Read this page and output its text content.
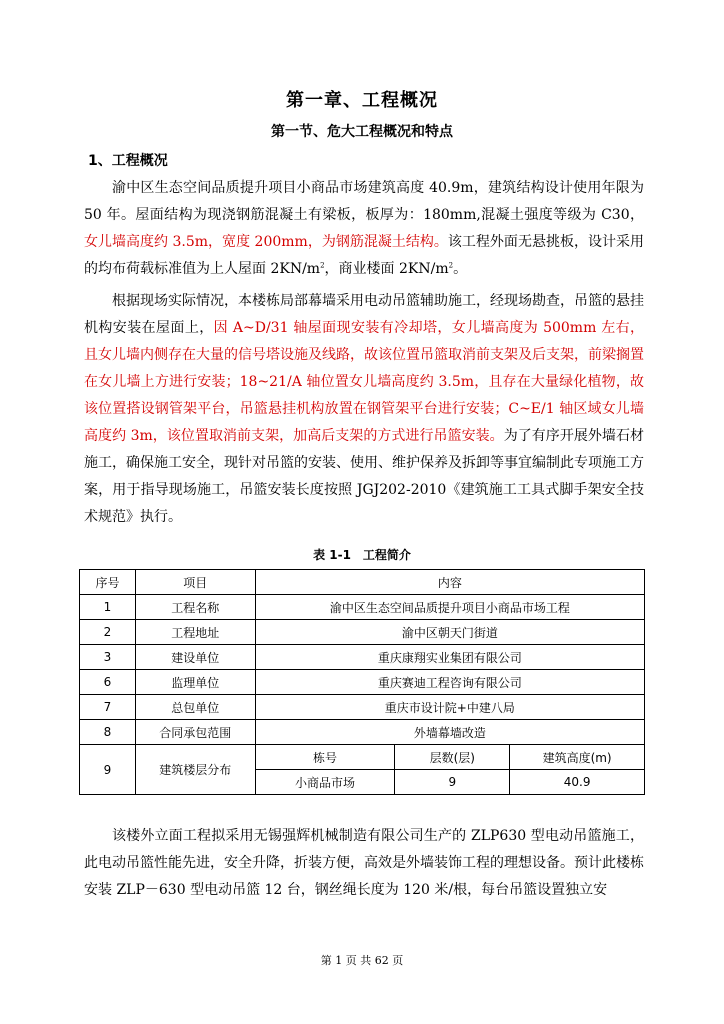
第一章、工程概况
第一节、危大工程概况和特点
1、工程概况

渝中区生态空间品质提升项目小商品市场建筑高度 40.9m，建筑结构设计使用年限为 50 年。屋面结构为现浇钢筋混凝土有梁板，板厚为：180mm,混凝土强度等级为 C30，女儿墙高度约 3.5m，宽度 200mm，为钢筋混凝土结构。该工程外面无悬挑板，设计采用的均布荷载标准值为上人屋面 $2KN/m^2$，商业楼面 $2KN/m^2$。

根据现场实际情况，本楼栋局部幕墙采用电动吊篮辅助施工，经现场勘查，吊篮的悬挂机构安装在屋面上，因 A~D/31 轴屋面现安装有冷却塔，女儿墙高度为 500mm 左右，且女儿墙内侧存在大量的信号塔设施及线路，故该位置吊篮取消前支架及后支架，前梁搁置在女儿墙上方进行安装；18~21/A 轴位置女儿墙高度约 3.5m，且存在大量绿化植物，故该位置搭设钢管架平台，吊篮悬挂机构放置在钢管架平台进行安装；C~E/1 轴区域女儿墙高度约 3m，该位置取消前支架，加高后支架的方式进行吊篮安装。为了有序开展外墙石材施工，确保施工安全，现针对吊篮的安装、使用、维护保养及拆卸等事宜编制此专项施工方案，用于指导现场施工，吊篮安装长度按照 JGJ202-2010《建筑施工工具式脚手架安全技术规范》执行。

表 1-1　工程简介
序号	项目	内容		
1	工程名称	渝中区生态空间品质提升项目小商品市场工程		
2	工程地址	渝中区朝天门街道		
3	建设单位	重庆康翔实业集团有限公司		
6	监理单位	重庆赛迪工程咨询有限公司		
7	总包单位	重庆市设计院+中建八局		
8	合同承包范围	外墙幕墙改造		
9	建筑楼层分布	栋号	层数(层)	建筑高度(m)
		小商品市场	9	40.9

该楼外立面工程拟采用无锡强辉机械制造有限公司生产的 ZLP630 型电动吊篮施工，此电动吊篮性能先进，安全升降，折装方便，高效是外墙装饰工程的理想设备。预计此楼栋安装 ZLP－630 型电动吊篮 12 台，钢丝绳长度为 120 米/根，每台吊篮设置独立安

第 1 页 共 62 页
